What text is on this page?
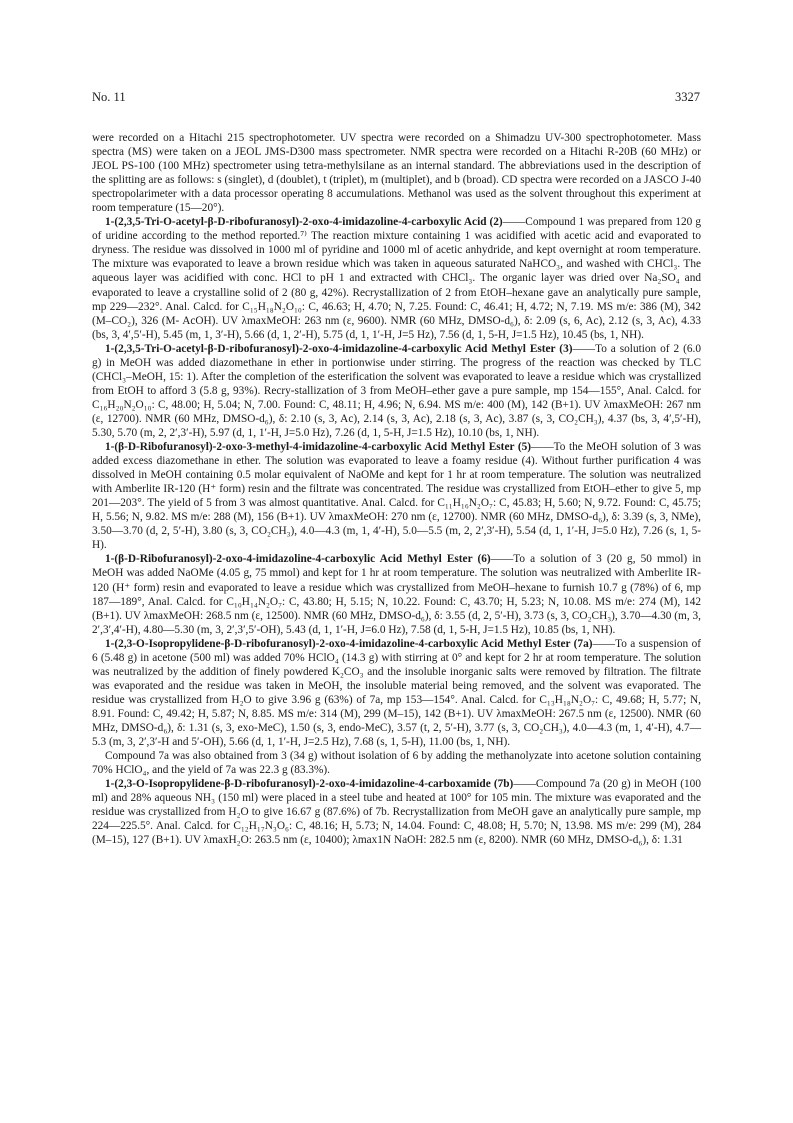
No. 11	3327

were recorded on a Hitachi 215 spectrophotometer. UV spectra were recorded on a Shimadzu UV-300 spectrophotometer. Mass spectra (MS) were taken on a JEOL JMS-D300 mass spectrometer. NMR spectra were recorded on a Hitachi R-20B (60 MHz) or JEOL PS-100 (100 MHz) spectrometer using tetra-methylsilane as an internal standard. The abbreviations used in the description of the splitting are as follows: s (singlet), d (doublet), t (triplet), m (multiplet), and b (broad). CD spectra were recorded on a JASCO J-40 spectropolarimeter with a data processor operating 8 accumulations. Methanol was used as the solvent throughout this experiment at room temperature (15—20°).

1-(2,3,5-Tri-O-acetyl-β-D-ribofuranosyl)-2-oxo-4-imidazoline-4-carboxylic Acid (2)——Compound 1 was prepared from 120 g of uridine according to the method reported.⁷⁾ The reaction mixture containing 1 was acidified with acetic acid and evaporated to dryness. The residue was dissolved in 1000 ml of pyridine and 1000 ml of acetic anhydride, and kept overnight at room temperature. The mixture was evaporated to leave a brown residue which was taken in aqueous saturated NaHCO₃, and washed with CHCl₃. The aqueous layer was acidified with conc. HCl to pH 1 and extracted with CHCl₃. The organic layer was dried over Na₂SO₄ and evaporated to leave a crystalline solid of 2 (80 g, 42%). Recrystallization of 2 from EtOH–hexane gave an analytically pure sample, mp 229—232°. Anal. Calcd. for C₁₅H₁₈N₂O₁₀: C, 46.63; H, 4.70; N, 7.25. Found: C, 46.41; H, 4.72; N, 7.19. MS m/e: 386 (M), 342 (M–CO₂), 326 (M- AcOH). UV λmaxMeOH: 263 nm (ε, 9600). NMR (60 MHz, DMSO-d₆), δ: 2.09 (s, 6, Ac), 2.12 (s, 3, Ac), 4.33 (bs, 3, 4′,5′-H), 5.45 (m, 1, 3′-H), 5.66 (d, 1, 2′-H), 5.75 (d, 1, 1′-H, J=5 Hz), 7.56 (d, 1, 5-H, J=1.5 Hz), 10.45 (bs, 1, NH).

1-(2,3,5-Tri-O-acetyl-β-D-ribofuranosyl)-2-oxo-4-imidazoline-4-carboxylic Acid Methyl Ester (3)——To a solution of 2 (6.0 g) in MeOH was added diazomethane in ether in portionwise under stirring. The progress of the reaction was checked by TLC (CHCl₃–MeOH, 15: 1). After the completion of the esterification the solvent was evaporated to leave a residue which was crystallized from EtOH to afford 3 (5.8 g, 93%). Recry-stallization of 3 from MeOH–ether gave a pure sample, mp 154—155°, Anal. Calcd. for C₁₆H₂₀N₂O₁₀: C, 48.00; H, 5.04; N, 7.00. Found: C, 48.11; H, 4.96; N, 6.94. MS m/e: 400 (M), 142 (B+1). UV λmaxMeOH: 267 nm (ε, 12700). NMR (60 MHz, DMSO-d₆), δ: 2.10 (s, 3, Ac), 2.14 (s, 3, Ac), 2.18 (s, 3, Ac), 3.87 (s, 3, CO₂CH₃), 4.37 (bs, 3, 4′,5′-H), 5.30, 5.70 (m, 2, 2′,3′-H), 5.97 (d, 1, 1′-H, J=5.0 Hz), 7.26 (d, 1, 5-H, J=1.5 Hz), 10.10 (bs, 1, NH).

1-(β-D-Ribofuranosyl)-2-oxo-3-methyl-4-imidazoline-4-carboxylic Acid Methyl Ester (5)——To the MeOH solution of 3 was added excess diazomethane in ether. The solution was evaporated to leave a foamy residue (4). Without further purification 4 was dissolved in MeOH containing 0.5 molar equivalent of NaOMe and kept for 1 hr at room temperature. The solution was neutralized with Amberlite IR-120 (H⁺ form) resin and the filtrate was concentrated. The residue was crystallized from EtOH–ether to give 5, mp 201—203°. The yield of 5 from 3 was almost quantitative. Anal. Calcd. for C₁₁H₁₆N₂O₇: C, 45.83; H, 5.60; N, 9.72. Found: C, 45.75; H, 5.56; N, 9.82. MS m/e: 288 (M), 156 (B+1). UV λmaxMeOH: 270 nm (ε, 12700). NMR (60 MHz, DMSO-d₆), δ: 3.39 (s, 3, NMe), 3.50—3.70 (d, 2, 5′-H), 3.80 (s, 3, CO₂CH₃), 4.0—4.3 (m, 1, 4′-H), 5.0—5.5 (m, 2, 2′,3′-H), 5.54 (d, 1, 1′-H, J=5.0 Hz), 7.26 (s, 1, 5-H).

1-(β-D-Ribofuranosyl)-2-oxo-4-imidazoline-4-carboxylic Acid Methyl Ester (6)——To a solution of 3 (20 g, 50 mmol) in MeOH was added NaOMe (4.05 g, 75 mmol) and kept for 1 hr at room temperature. The solution was neutralized with Amberlite IR-120 (H⁺ form) resin and evaporated to leave a residue which was crystallized from MeOH–hexane to furnish 10.7 g (78%) of 6, mp 187—189°, Anal. Calcd. for C₁₀H₁₄N₂O₇: C, 43.80; H, 5.15; N, 10.22. Found: C, 43.70; H, 5.23; N, 10.08. MS m/e: 274 (M), 142 (B+1). UV λmaxMeOH: 268.5 nm (ε, 12500). NMR (60 MHz, DMSO-d₆), δ: 3.55 (d, 2, 5′-H), 3.73 (s, 3, CO₂CH₃), 3.70—4.30 (m, 3, 2′,3′,4′-H), 4.80—5.30 (m, 3, 2′,3′,5′-OH), 5.43 (d, 1, 1′-H, J=6.0 Hz), 7.58 (d, 1, 5-H, J=1.5 Hz), 10.85 (bs, 1, NH).

1-(2,3-O-Isopropylidene-β-D-ribofuranosyl)-2-oxo-4-imidazoline-4-carboxylic Acid Methyl Ester (7a)——To a suspension of 6 (5.48 g) in acetone (500 ml) was added 70% HClO₄ (14.3 g) with stirring at 0° and kept for 2 hr at room temperature. The solution was neutralized by the addition of finely powdered K₂CO₃ and the insoluble inorganic salts were removed by filtration. The filtrate was evaporated and the residue was taken in MeOH, the insoluble material being removed, and the solvent was evaporated. The residue was crystallized from H₂O to give 3.96 g (63%) of 7a, mp 153—154°. Anal. Calcd. for C₁₃H₁₈N₂O₇: C, 49.68; H, 5.77; N, 8.91. Found: C, 49.42; H, 5.87; N, 8.85. MS m/e: 314 (M), 299 (M–15), 142 (B+1). UV λmaxMeOH: 267.5 nm (ε, 12500). NMR (60 MHz, DMSO-d₆), δ: 1.31 (s, 3, exo-MeC), 1.50 (s, 3, endo-MeC), 3.57 (t, 2, 5′-H), 3.77 (s, 3, CO₂CH₃), 4.0—4.3 (m, 1, 4′-H), 4.7—5.3 (m, 3, 2′,3′-H and 5′-OH), 5.66 (d, 1, 1′-H, J=2.5 Hz), 7.68 (s, 1, 5-H), 11.00 (bs, 1, NH).

Compound 7a was also obtained from 3 (34 g) without isolation of 6 by adding the methanolyzate into acetone solution containing 70% HClO₄, and the yield of 7a was 22.3 g (83.3%).

1-(2,3-O-Isopropylidene-β-D-ribofuranosyl)-2-oxo-4-imidazoline-4-carboxamide (7b)——Compound 7a (20 g) in MeOH (100 ml) and 28% aqueous NH₃ (150 ml) were placed in a steel tube and heated at 100° for 105 min. The mixture was evaporated and the residue was crystallized from H₂O to give 16.67 g (87.6%) of 7b. Recrystallization from MeOH gave an analytically pure sample, mp 224—225.5°. Anal. Calcd. for C₁₂H₁₇N₃O₆: C, 48.16; H, 5.73; N, 14.04. Found: C, 48.08; H, 5.70; N, 13.98. MS m/e: 299 (M), 284 (M–15), 127 (B+1). UV λmaxH₂O: 263.5 nm (ε, 10400); λmax1N NaOH: 282.5 nm (ε, 8200). NMR (60 MHz, DMSO-d₆), δ: 1.31
